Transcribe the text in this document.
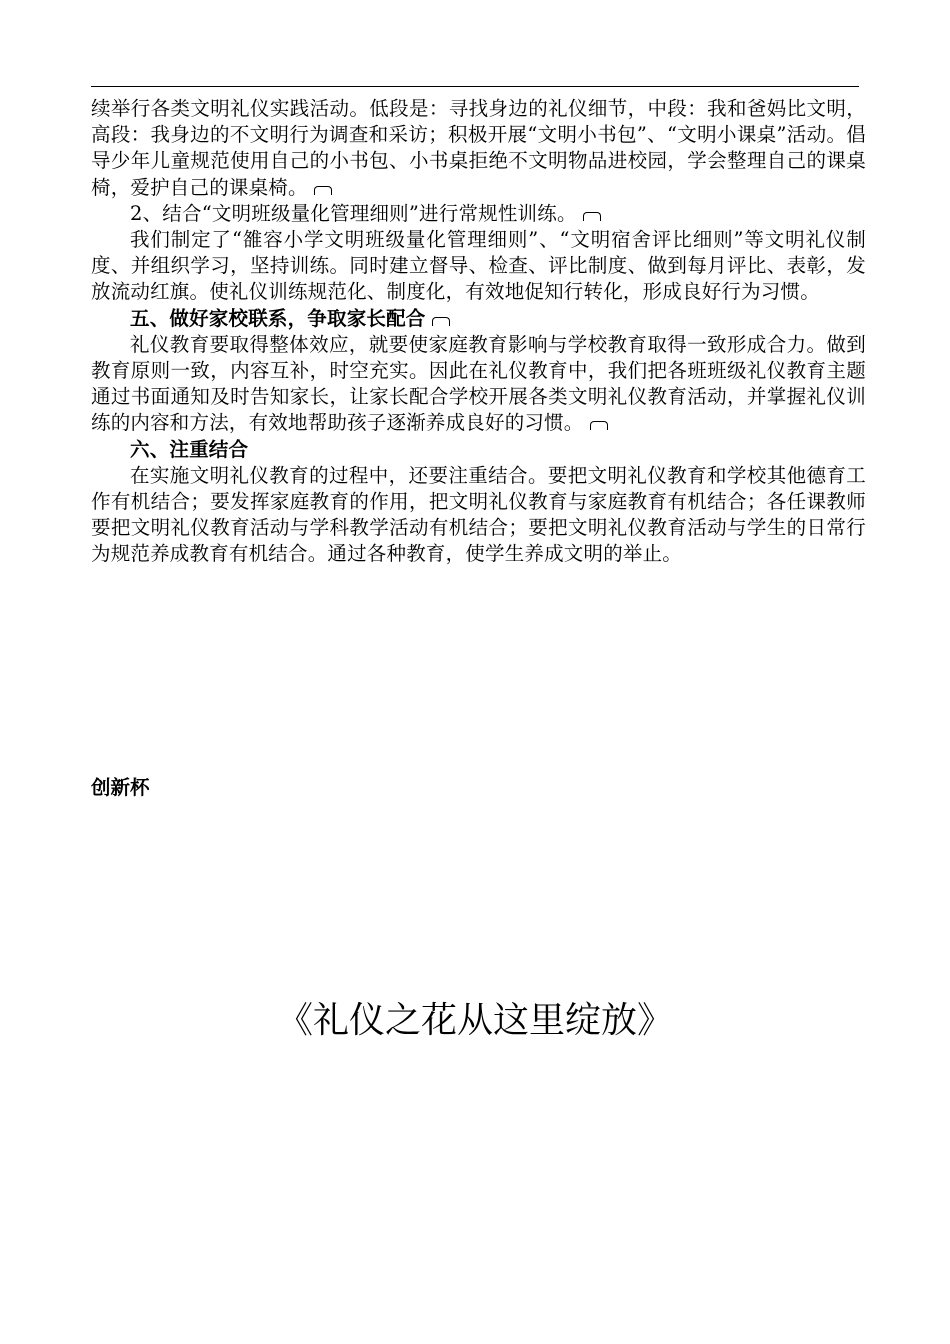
续举行各类文明礼仪实践活动。低段是：寻找身边的礼仪细节，中段：我和爸妈比文明，高段：我身边的不文明行为调查和采访；积极开展“文明小书包”、“文明小课桌”活动。倡导少年儿童规范使用自己的小书包、小书桌拒绝不文明物品进校园，学会整理自己的课桌椅，爱护自己的课桌椅。

2、结合“文明班级量化管理细则”进行常规性训练。

我们制定了“雒容小学文明班级量化管理细则”、“文明宿舍评比细则”等文明礼仪制度、并组织学习，坚持训练。同时建立督导、检查、评比制度、做到每月评比、表彰，发放流动红旗。使礼仪训练规范化、制度化，有效地促知行转化，形成良好行为习惯。

五、做好家校联系，争取家长配合

礼仪教育要取得整体效应，就要使家庭教育影响与学校教育取得一致形成合力。做到教育原则一致，内容互补，时空充实。因此在礼仪教育中，我们把各班班级礼仪教育主题通过书面通知及时告知家长，让家长配合学校开展各类文明礼仪教育活动，并掌握礼仪训练的内容和方法，有效地帮助孩子逐渐养成良好的习惯。

六、注重结合

在实施文明礼仪教育的过程中，还要注重结合。要把文明礼仪教育和学校其他德育工作有机结合；要发挥家庭教育的作用，把文明礼仪教育与家庭教育有机结合；各任课教师要把文明礼仪教育活动与学科教学活动有机结合；要把文明礼仪教育活动与学生的日常行为规范养成教育有机结合。通过各种教育，使学生养成文明的举止。

创新杯
《礼仪之花从这里绽放》
